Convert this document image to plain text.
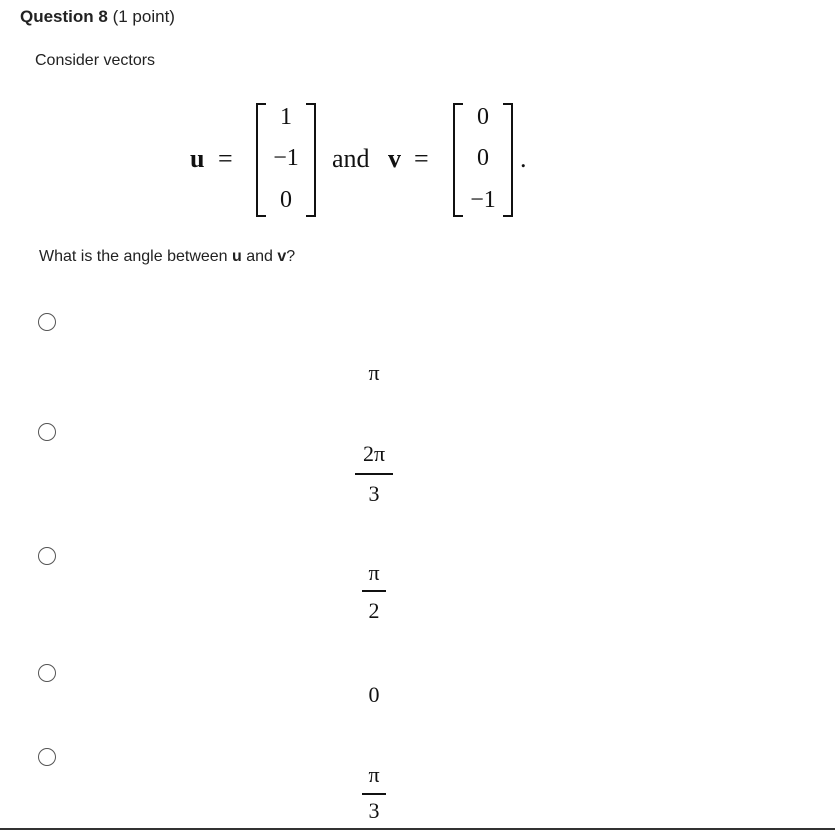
Question 8 (1 point)
Consider vectors
u =
1
−1
0
and v =
0
0
−1
.
What is the angle between u and v?
π
2π
3
π
2
0
π
3
